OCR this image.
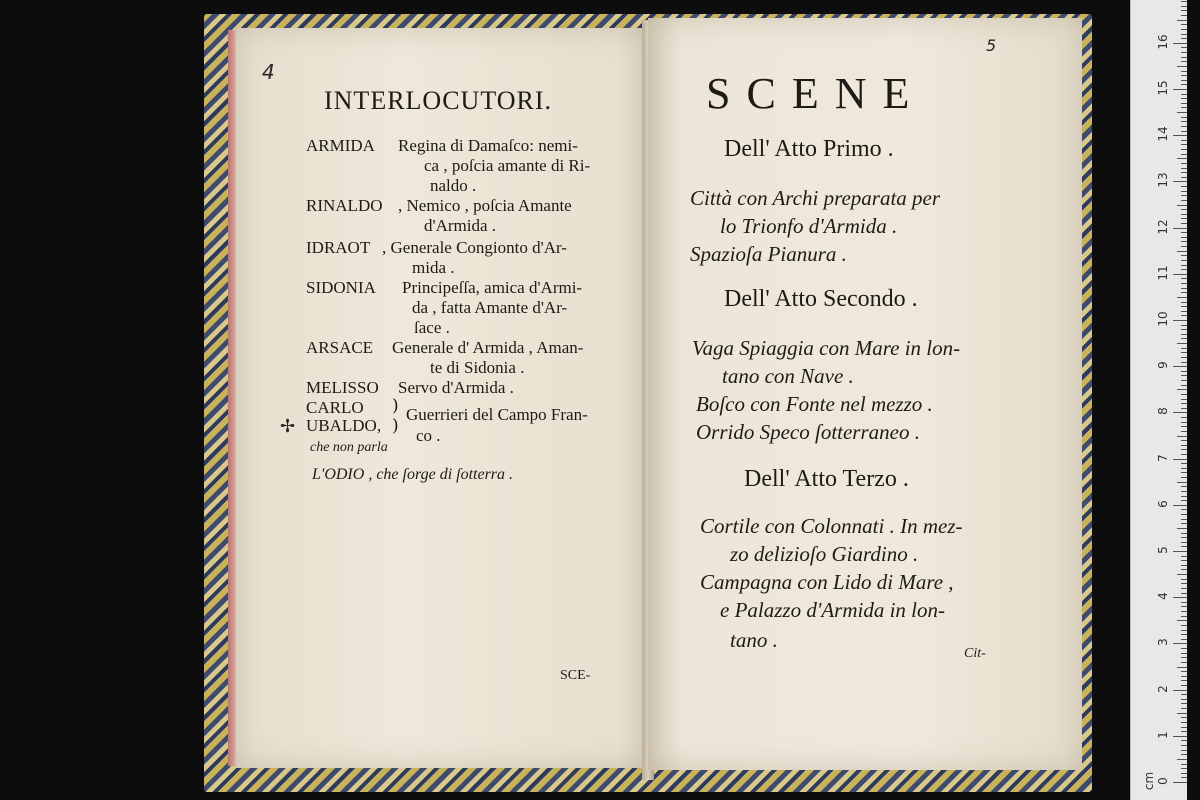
4
INTERLOCUTORI.
ARMIDA Regina di Damaſco: nemi-
ca , poſcia amante di Ri-
naldo .
RINALDO , Nemico , poſcia Amante
d'Armida .
IDRAOT , Generale Congionto d'Ar-
mida .
SIDONIA Principeſſa, amica d'Armi-
da , fatta Amante d'Ar-
ſace .
ARSACE Generale d' Armida , Aman-
te di Sidonia .
MELISSO Servo d'Armida .
CARLO )
✢ UBALDO, )
Guerrieri del Campo Fran-
co .
che non parla
L'ODIO , che ſorge di ſotterra .
SCE-
5
SCENE
Dell' Atto Primo .
Città con Archi preparata per
lo Trionfo d'Armida .
Spazioſa Pianura .
Dell' Atto Secondo .
Vaga Spiaggia con Mare in lon-
tano con Nave .
Boſco con Fonte nel mezzo .
Orrido Speco ſotterraneo .
Dell' Atto Terzo .
Cortile con Colonnati . In mez-
zo delizioſo Giardino .
Campagna con Lido di Mare ,
e Palazzo d'Armida in lon-
tano .
Cit-
0
1
2
3
4
5
6
7
8
9
10
11
12
13
14
15
16
cm
